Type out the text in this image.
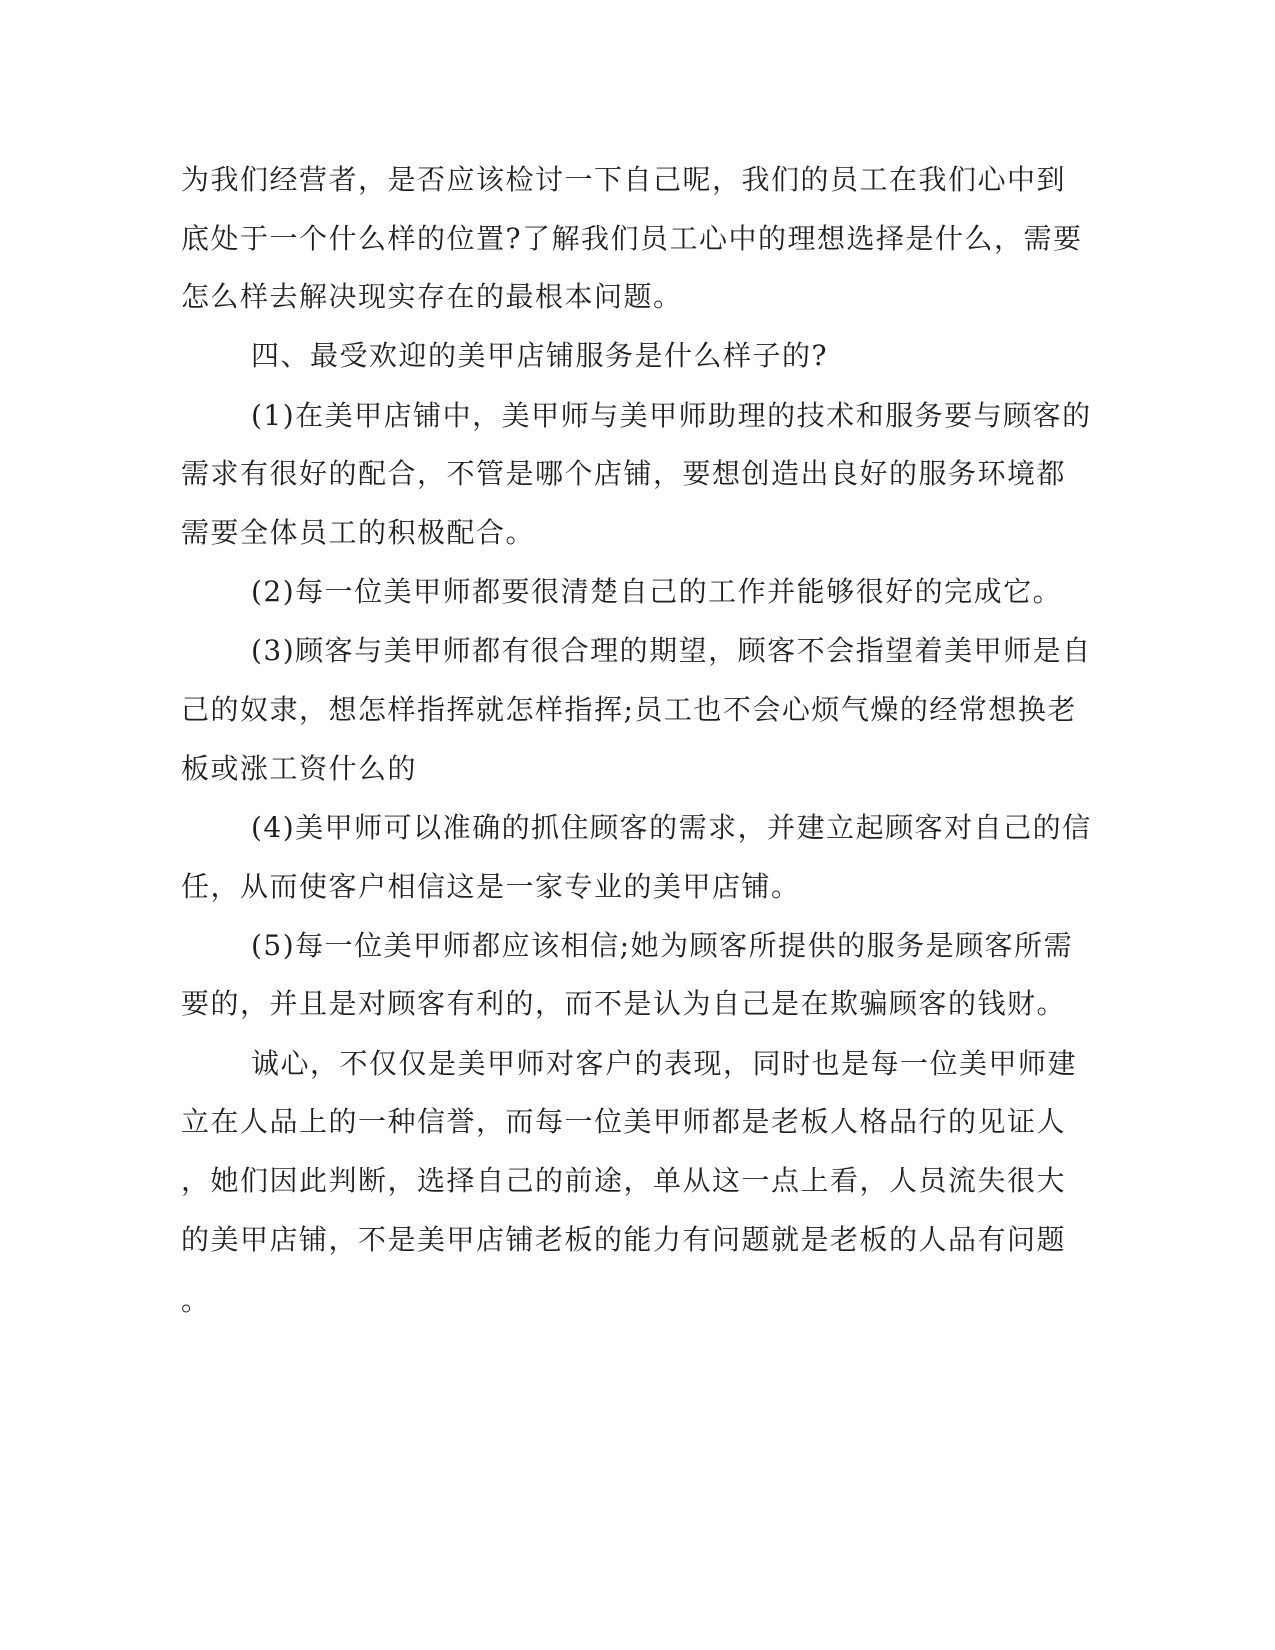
为我们经营者，是否应该检讨一下自己呢，我们的员工在我们心中到
底处于一个什么样的位置?了解我们员工心中的理想选择是什么，需要
怎么样去解决现实存在的最根本问题。
四、最受欢迎的美甲店铺服务是什么样子的?
(1)在美甲店铺中，美甲师与美甲师助理的技术和服务要与顾客的
需求有很好的配合，不管是哪个店铺，要想创造出良好的服务环境都
需要全体员工的积极配合。
(2)每一位美甲师都要很清楚自己的工作并能够很好的完成它。
(3)顾客与美甲师都有很合理的期望，顾客不会指望着美甲师是自
己的奴隶，想怎样指挥就怎样指挥;员工也不会心烦气燥的经常想换老
板或涨工资什么的
(4)美甲师可以准确的抓住顾客的需求，并建立起顾客对自己的信
任，从而使客户相信这是一家专业的美甲店铺。
(5)每一位美甲师都应该相信;她为顾客所提供的服务是顾客所需
要的，并且是对顾客有利的，而不是认为自己是在欺骗顾客的钱财。
诚心，不仅仅是美甲师对客户的表现，同时也是每一位美甲师建
立在人品上的一种信誉，而每一位美甲师都是老板人格品行的见证人
，她们因此判断，选择自己的前途，单从这一点上看，人员流失很大
的美甲店铺，不是美甲店铺老板的能力有问题就是老板的人品有问题
。
